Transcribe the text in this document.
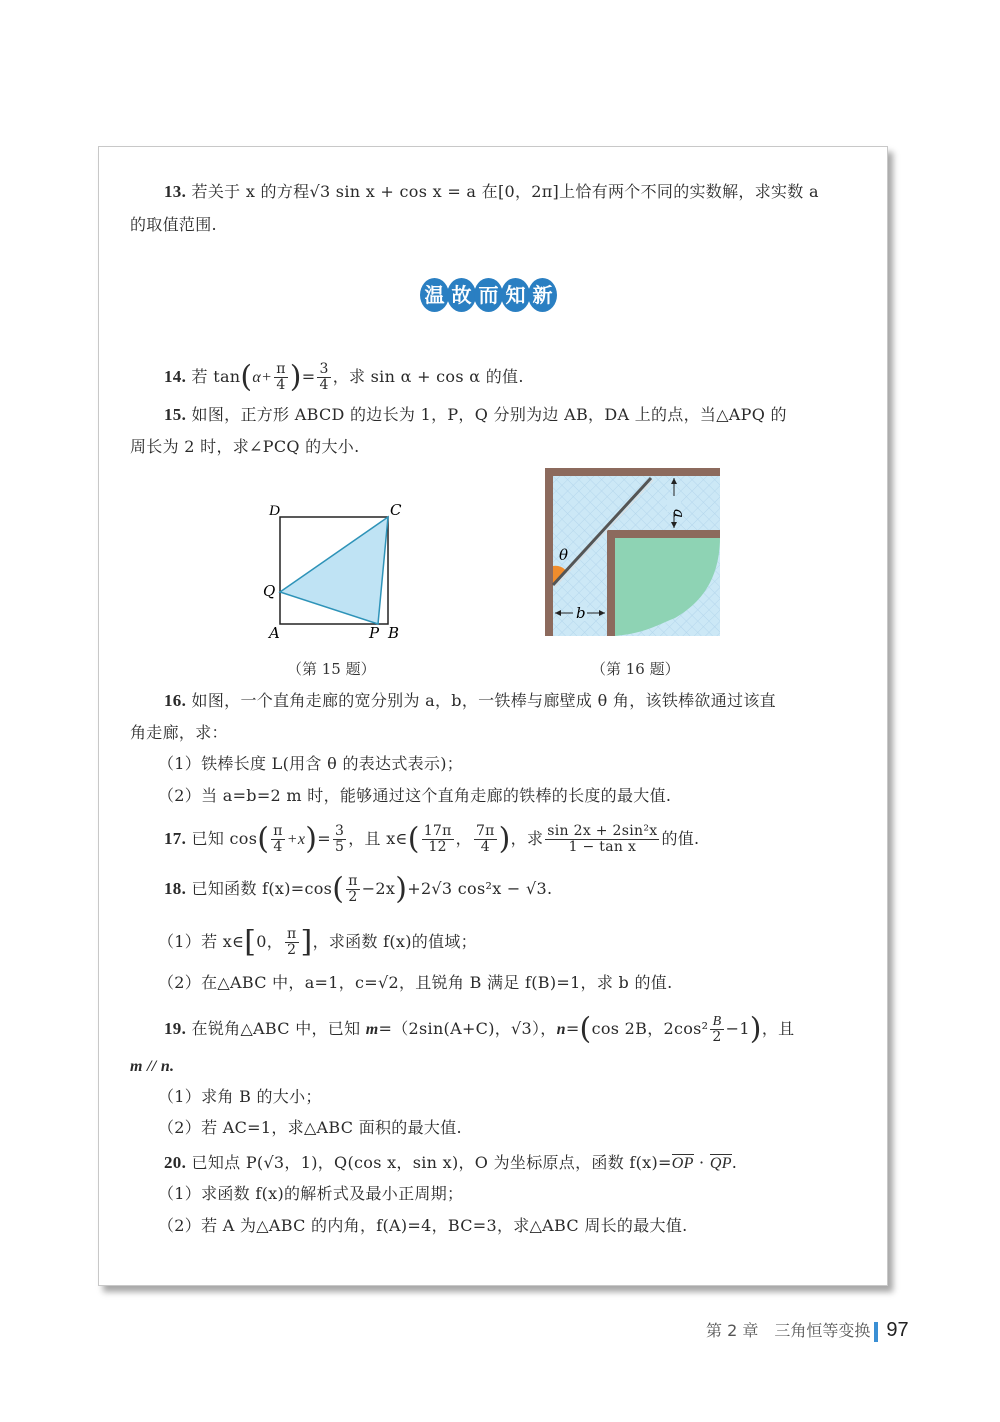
13. 若关于 x 的方程√3 sin x + cos x = a 在[0，2π]上恰有两个不同的实数解，求实数 a
的取值范围.
温 故 而 知 新
14. 若 $\tan(\alpha+ \frac{\pi}{4}$ )= $\frac{3}{4}$ ，求 sin α + cos α 的值.
15. 如图，正方形 ABCD 的边长为 1，P，Q 分别为边 AB，DA 上的点，当△APQ 的
周长为 2 时，求∠PCQ 的大小.
D	C
Q
A	P B
（第 15 题）
θ
a
b
（第 16 题）
16. 如图，一个直角走廊的宽分别为 a，b，一铁棒与廊壁成 θ 角，该铁棒欲通过该直
角走廊，求：
（1）铁棒长度 L(用含 θ 的表达式表示)；
（2）当 a=b=2 m 时，能够通过这个直角走廊的铁棒的长度的最大值.
17. 已知 $\cos( \frac{\pi}{4} +x)= \frac{3}{5}$ ，且 x∈( $\frac{17\pi}{12}$ ， $\frac{7\pi}{4}$ )，求 $\frac{\text{sin 2x + 2sin²x}}{\text{1 − tan x}}$ 的值.
18. 已知函数 $f(x)=\cos( \frac{\pi}{2} -2x)+2√3$ cos²x − √3.
（1）若 x∈[0， $\frac{\pi}{2}$ ]，求函数 f(x)的值域；
（2）在△ABC 中，a=1，c=√2，且锐角 B 满足 f(B)=1，求 b 的值.
19. 在锐角△ABC 中，已知 m=（2sin(A+C)，√3），n=(cos 2B，$2\cos^2 \frac{B}{2} -1$)，且
m // n.
（1）求角 B 的大小；
（2）若 AC=1，求△ABC 面积的最大值.
20. 已知点 P(√3，1)，Q(cos x，sin x)，O 为坐标原点，函数 f(x)=OP · QP.
（1）求函数 f(x)的解析式及最小正周期；
（2）若 A 为△ABC 的内角，f(A)=4，BC=3，求△ABC 周长的最大值.
第 2 章　三角恒等变换 97
